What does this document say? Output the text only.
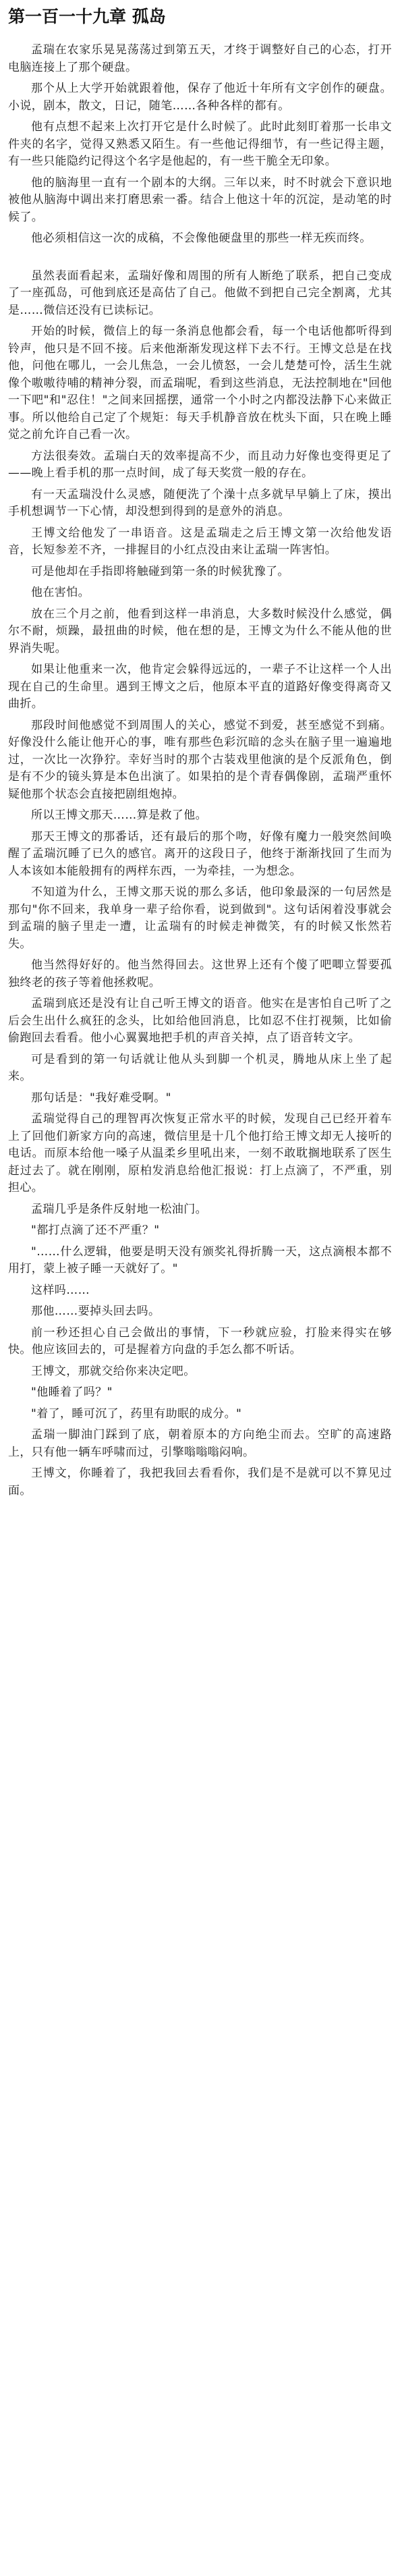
第一百一十九章 孤岛

孟瑞在农家乐晃晃荡荡过到第五天，才终于调整好自己的心态，打开电脑连接上了那个硬盘。

那个从上大学开始就跟着他，保存了他近十年所有文字创作的硬盘。小说，剧本，散文，日记，随笔……各种各样的都有。

他有点想不起来上次打开它是什么时候了。此时此刻盯着那一长串文件夹的名字，觉得又熟悉又陌生。有一些他记得细节，有一些记得主题，有一些只能隐约记得这个名字是他起的，有一些干脆全无印象。

他的脑海里一直有一个剧本的大纲。三年以来，时不时就会下意识地被他从脑海中调出来打磨思索一番。结合上他这十年的沉淀，是动笔的时候了。

他必须相信这一次的成稿，不会像他硬盘里的那些一样无疾而终。

虽然表面看起来，孟瑞好像和周围的所有人断绝了联系，把自己变成了一座孤岛，可他到底还是高估了自己。他做不到把自己完全割离，尤其是……微信还没有已读标记。

开始的时候，微信上的每一条消息他都会看，每一个电话他都听得到铃声，他只是不回不接。后来他渐渐发现这样下去不行。王博文总是在找他，问他在哪儿，一会儿焦急，一会儿愤怒，一会儿楚楚可怜，活生生就像个嗷嗷待哺的精神分裂，而孟瑞呢，看到这些消息，无法控制地在"回他一下吧"和"忍住！"之间来回摇摆，通常一个小时之内都没法静下心来做正事。所以他给自己定了个规矩：每天手机静音放在枕头下面，只在晚上睡觉之前允许自己看一次。

方法很奏效。孟瑞白天的效率提高不少，而且动力好像也变得更足了——晚上看手机的那一点时间，成了每天奖赏一般的存在。

有一天孟瑞没什么灵感，随便洗了个澡十点多就早早躺上了床，摸出手机想调节一下心情，却没想到得到的是意外的消息。

王博文给他发了一串语音。这是孟瑞走之后王博文第一次给他发语音，长短参差不齐，一排握目的小红点没由来让孟瑞一阵害怕。

可是他却在手指即将触碰到第一条的时候犹豫了。

他在害怕。

放在三个月之前，他看到这样一串消息，大多数时候没什么感觉，偶尔不耐，烦躁，最扭曲的时候，他在想的是，王博文为什么不能从他的世界消失呢。

如果让他重来一次，他肯定会躲得远远的，一辈子不让这样一个人出现在自己的生命里。遇到王博文之后，他原本平直的道路好像变得离奇又曲折。

那段时间他感觉不到周围人的关心，感觉不到爱，甚至感觉不到痛。好像没什么能让他开心的事，唯有那些色彩沉暗的念头在脑子里一遍遍地过，一次比一次狰狞。幸好当时的那个古装戏里他演的是个反派角色，倒是有不少的镜头算是本色出演了。如果拍的是个青春偶像剧，孟瑞严重怀疑他那个状态会直接把剧组炮掉。

所以王博文那天……算是救了他。

那天王博文的那番话，还有最后的那个吻，好像有魔力一般突然间唤醒了孟瑞沉睡了已久的感官。离开的这段日子，他终于渐渐找回了生而为人本该如本能般拥有的两样东西，一为牵挂，一为想念。

不知道为什么，王博文那天说的那么多话，他印象最深的一句居然是那句"你不回来，我单身一辈子给你看，说到做到"。这句话闲着没事就会到孟瑞的脑子里走一遭，让孟瑞有的时候走神微笑，有的时候又怅然若失。

他当然得好好的。他当然得回去。这世界上还有个傻了吧唧立誓要孤独终老的孩子等着他拯救呢。

孟瑞到底还是没有让自己听王博文的语音。他实在是害怕自己听了之后会生出什么疯狂的念头，比如给他回消息，比如忍不住打视频，比如偷偷跑回去看看。他小心翼翼地把手机的声音关掉，点了语音转文字。

可是看到的第一句话就让他从头到脚一个机灵，腾地从床上坐了起来。

那句话是："我好难受啊。"

孟瑞觉得自己的理智再次恢复正常水平的时候，发现自己已经开着车上了回他们新家方向的高速，微信里是十几个他打给王博文却无人接听的电话。而原本给他一嗓子从温柔乡里吼出来，一刻不敢耽搁地联系了医生赶过去了。就在刚刚，原柏发消息给他汇报说：打上点滴了，不严重，别担心。

孟瑞几乎是条件反射地一松油门。

"都打点滴了还不严重？"

"……什么逻辑，他要是明天没有颁奖礼得折腾一天，这点滴根本都不用打，蒙上被子睡一天就好了。"

这样吗……

那他……要掉头回去吗。

前一秒还担心自己会做出的事情，下一秒就应验，打脸来得实在够快。他应该回去的，可是握着方向盘的手怎么都不听话。

王博文，那就交给你来决定吧。

"他睡着了吗？"

"着了，睡可沉了，药里有助眠的成分。"

孟瑞一脚油门踩到了底，朝着原本的方向绝尘而去。空旷的高速路上，只有他一辆车呼啸而过，引擎嗡嗡嗡闷响。

王博文，你睡着了，我把我回去看看你，我们是不是就可以不算见过面。
